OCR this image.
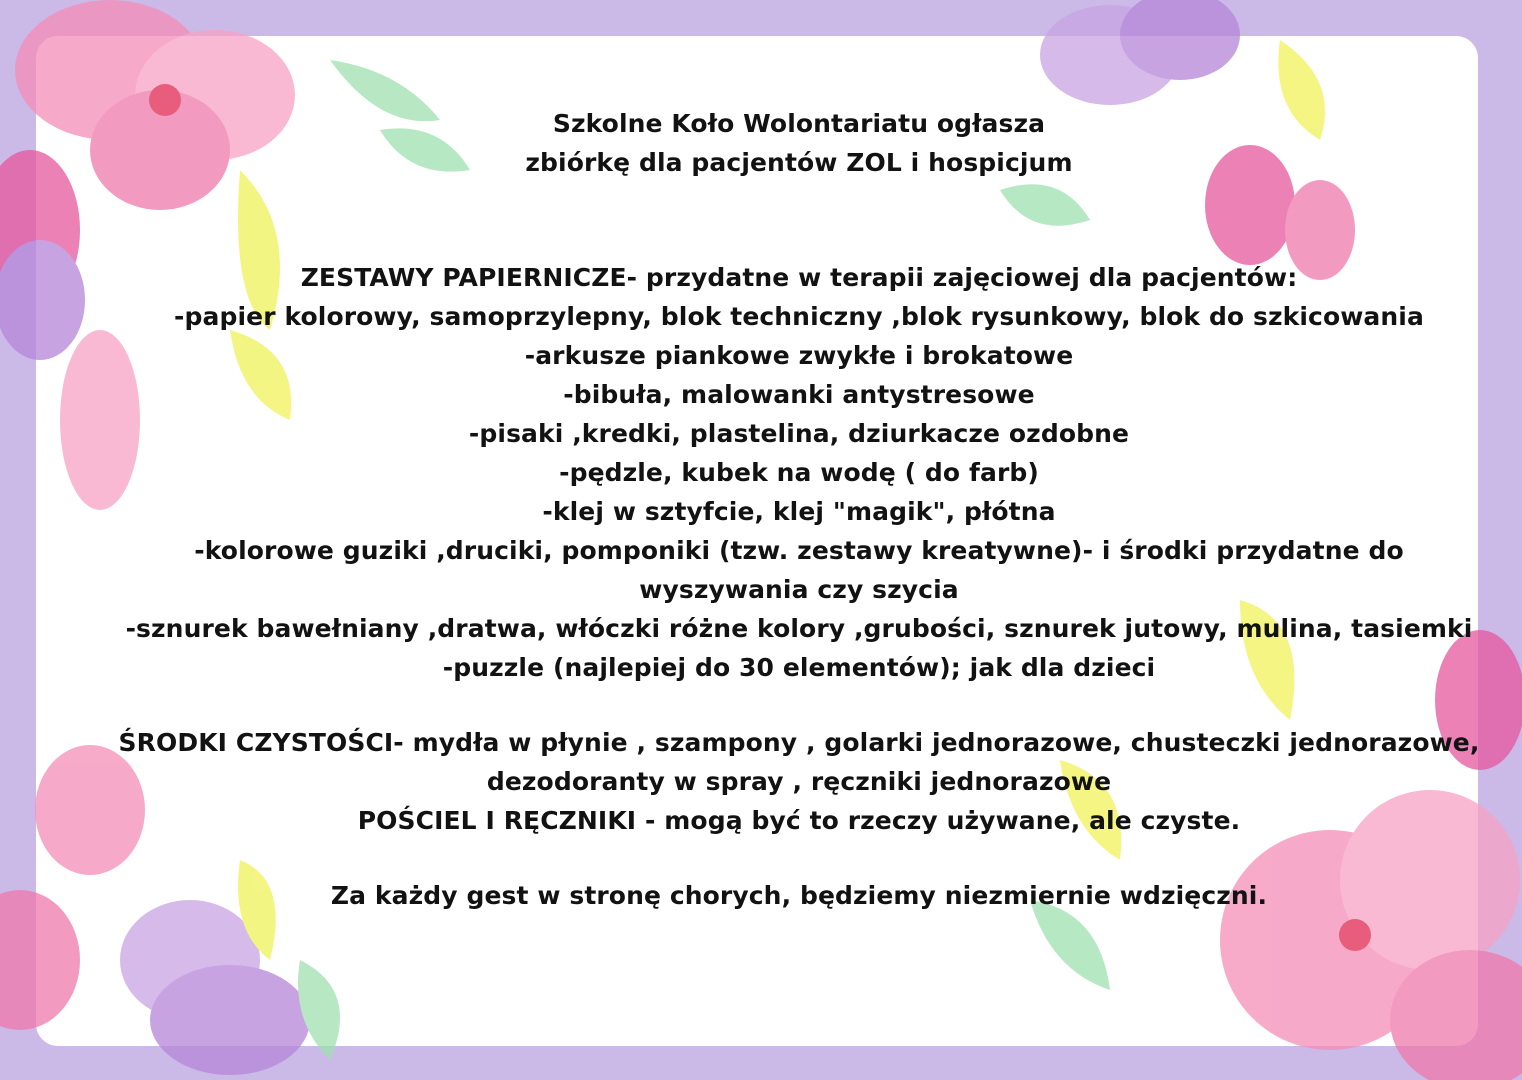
Szkolne Koło Wolontariatu ogłasza
zbiórkę dla pacjentów ZOL i hospicjum
ZESTAWY PAPIERNICZE- przydatne w terapii zajęciowej dla pacjentów:
-papier kolorowy, samoprzylepny, blok techniczny ,blok rysunkowy, blok do szkicowania
-arkusze piankowe zwykłe i brokatowe
-bibuła, malowanki antystresowe
-pisaki ,kredki, plastelina, dziurkacze ozdobne
-pędzle, kubek na wodę ( do farb)
-klej w sztyfcie, klej "magik", płótna
-kolorowe guziki ,druciki, pomponiki (tzw. zestawy kreatywne)- i środki przydatne do
wyszywania czy szycia
-sznurek bawełniany ,dratwa, włóczki różne kolory ,grubości, sznurek jutowy, mulina, tasiemki
-puzzle (najlepiej do 30 elementów); jak dla dzieci
ŚRODKI CZYSTOŚCI- mydła w płynie , szampony , golarki jednorazowe, chusteczki jednorazowe,
dezodoranty w spray , ręczniki jednorazowe
POŚCIEL I RĘCZNIKI - mogą być to rzeczy używane, ale czyste.
Za każdy gest w stronę chorych, będziemy niezmiernie wdzięczni.
